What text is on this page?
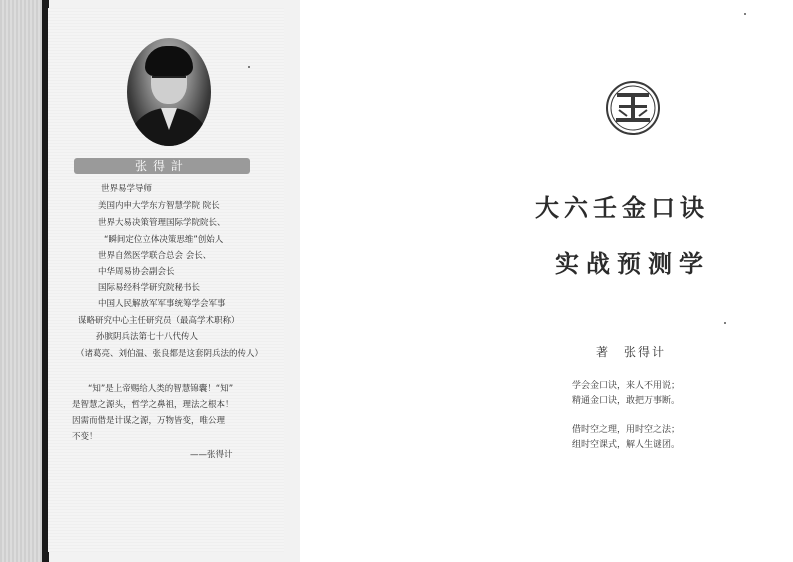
张得計
世界易学导师
美国内申大学东方智慧学院 院长
世界大易决策管理国际学院院长、
“瞬间定位立体决策思维”创始人
世界自然医学联合总会 会长、
中华周易协会副会长
国际易经科学研究院秘书长
中国人民解放军军事统筹学会军事
谋略研究中心主任研究员（最高学术职称）
孙膑阴兵法第七十八代传人
（诸葛亮、刘伯温、张良都是这套阴兵法的传人）
“知”是上帝赐给人类的智慧锦囊！“知”
是智慧之源头，哲学之鼻祖，理法之根本！
因需而借是计谋之源，万物皆变，唯公理
不变！
——张得计
大六壬金口诀
实战预测学
著 张得计
学会金口诀，来人不用说；
精通金口诀，敢把万事断。
借时空之理，用时空之法；
组时空课式，解人生谜团。
